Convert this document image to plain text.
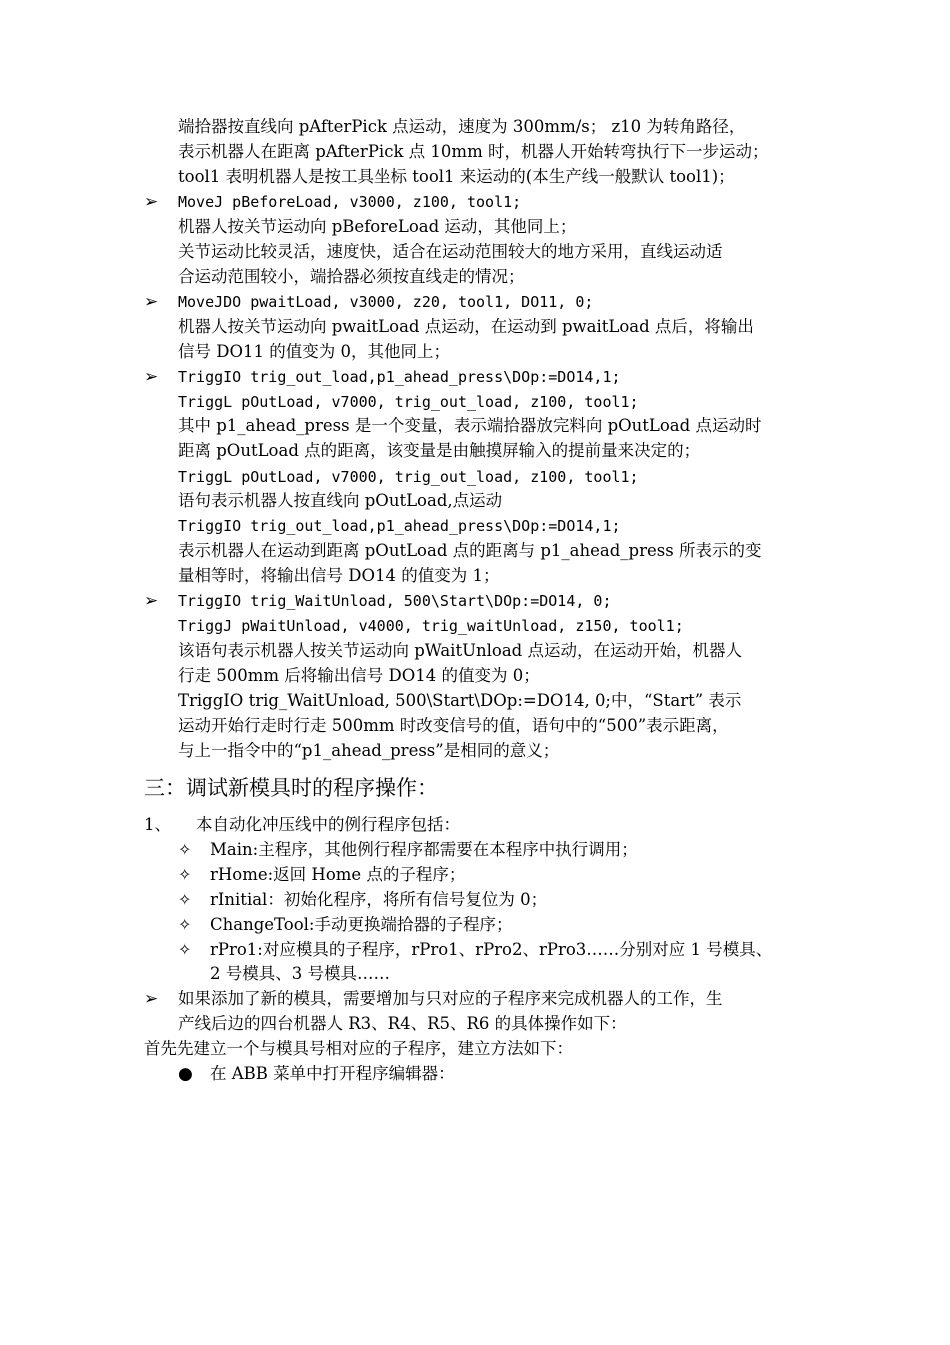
端拾器按直线向 pAfterPick 点运动，速度为 300mm/s； z10 为转角路径，
表示机器人在距离 pAfterPick 点 10mm 时，机器人开始转弯执行下一步运动；
tool1 表明机器人是按工具坐标 tool1 来运动的(本生产线一般默认 tool1)；
➢ MoveJ pBeforeLoad, v3000, z100, tool1;
机器人按关节运动向 pBeforeLoad 运动，其他同上；
关节运动比较灵活，速度快，适合在运动范围较大的地方采用，直线运动适
合运动范围较小，端拾器必须按直线走的情况；
➢ MoveJDO pwaitLoad, v3000, z20, tool1, DO11, 0;
机器人按关节运动向 pwaitLoad 点运动，在运动到 pwaitLoad 点后，将输出
信号 DO11 的值变为 0，其他同上；
➢ TriggIO trig_out_load,p1_ahead_press\DOp:=DO14,1;
TriggL pOutLoad, v7000, trig_out_load, z100, tool1;
其中 p1_ahead_press 是一个变量，表示端拾器放完料向 pOutLoad 点运动时
距离 pOutLoad 点的距离，该变量是由触摸屏输入的提前量来决定的；
TriggL pOutLoad, v7000, trig_out_load, z100, tool1;
语句表示机器人按直线向 pOutLoad,点运动
TriggIO trig_out_load,p1_ahead_press\DOp:=DO14,1;
表示机器人在运动到距离 pOutLoad 点的距离与 p1_ahead_press 所表示的变
量相等时，将输出信号 DO14 的值变为 1；
➢ TriggIO trig_WaitUnload, 500\Start\DOp:=DO14, 0;
TriggJ pWaitUnload, v4000, trig_waitUnload, z150, tool1;
该语句表示机器人按关节运动向 pWaitUnload 点运动，在运动开始，机器人
行走 500mm 后将输出信号 DO14 的值变为 0；
TriggIO trig_WaitUnload, 500\Start\DOp:=DO14, 0;中，“Start” 表示
运动开始行走时行走 500mm 时改变信号的值，语句中的“500”表示距离，
与上一指令中的“p1_ahead_press”是相同的意义；
三：调试新模具时的程序操作：
1、 本自动化冲压线中的例行程序包括：
✧ Main:主程序，其他例行程序都需要在本程序中执行调用；
✧ rHome:返回 Home 点的子程序；
✧ rInitial：初始化程序，将所有信号复位为 0；
✧ ChangeTool:手动更换端拾器的子程序；
✧ rPro1:对应模具的子程序，rPro1、rPro2、rPro3……分别对应 1 号模具、
2 号模具、3 号模具……
➢ 如果添加了新的模具，需要增加与只对应的子程序来完成机器人的工作，生
产线后边的四台机器人 R3、R4、R5、R6 的具体操作如下：
首先先建立一个与模具号相对应的子程序，建立方法如下：
● 在 ABB 菜单中打开程序编辑器：
